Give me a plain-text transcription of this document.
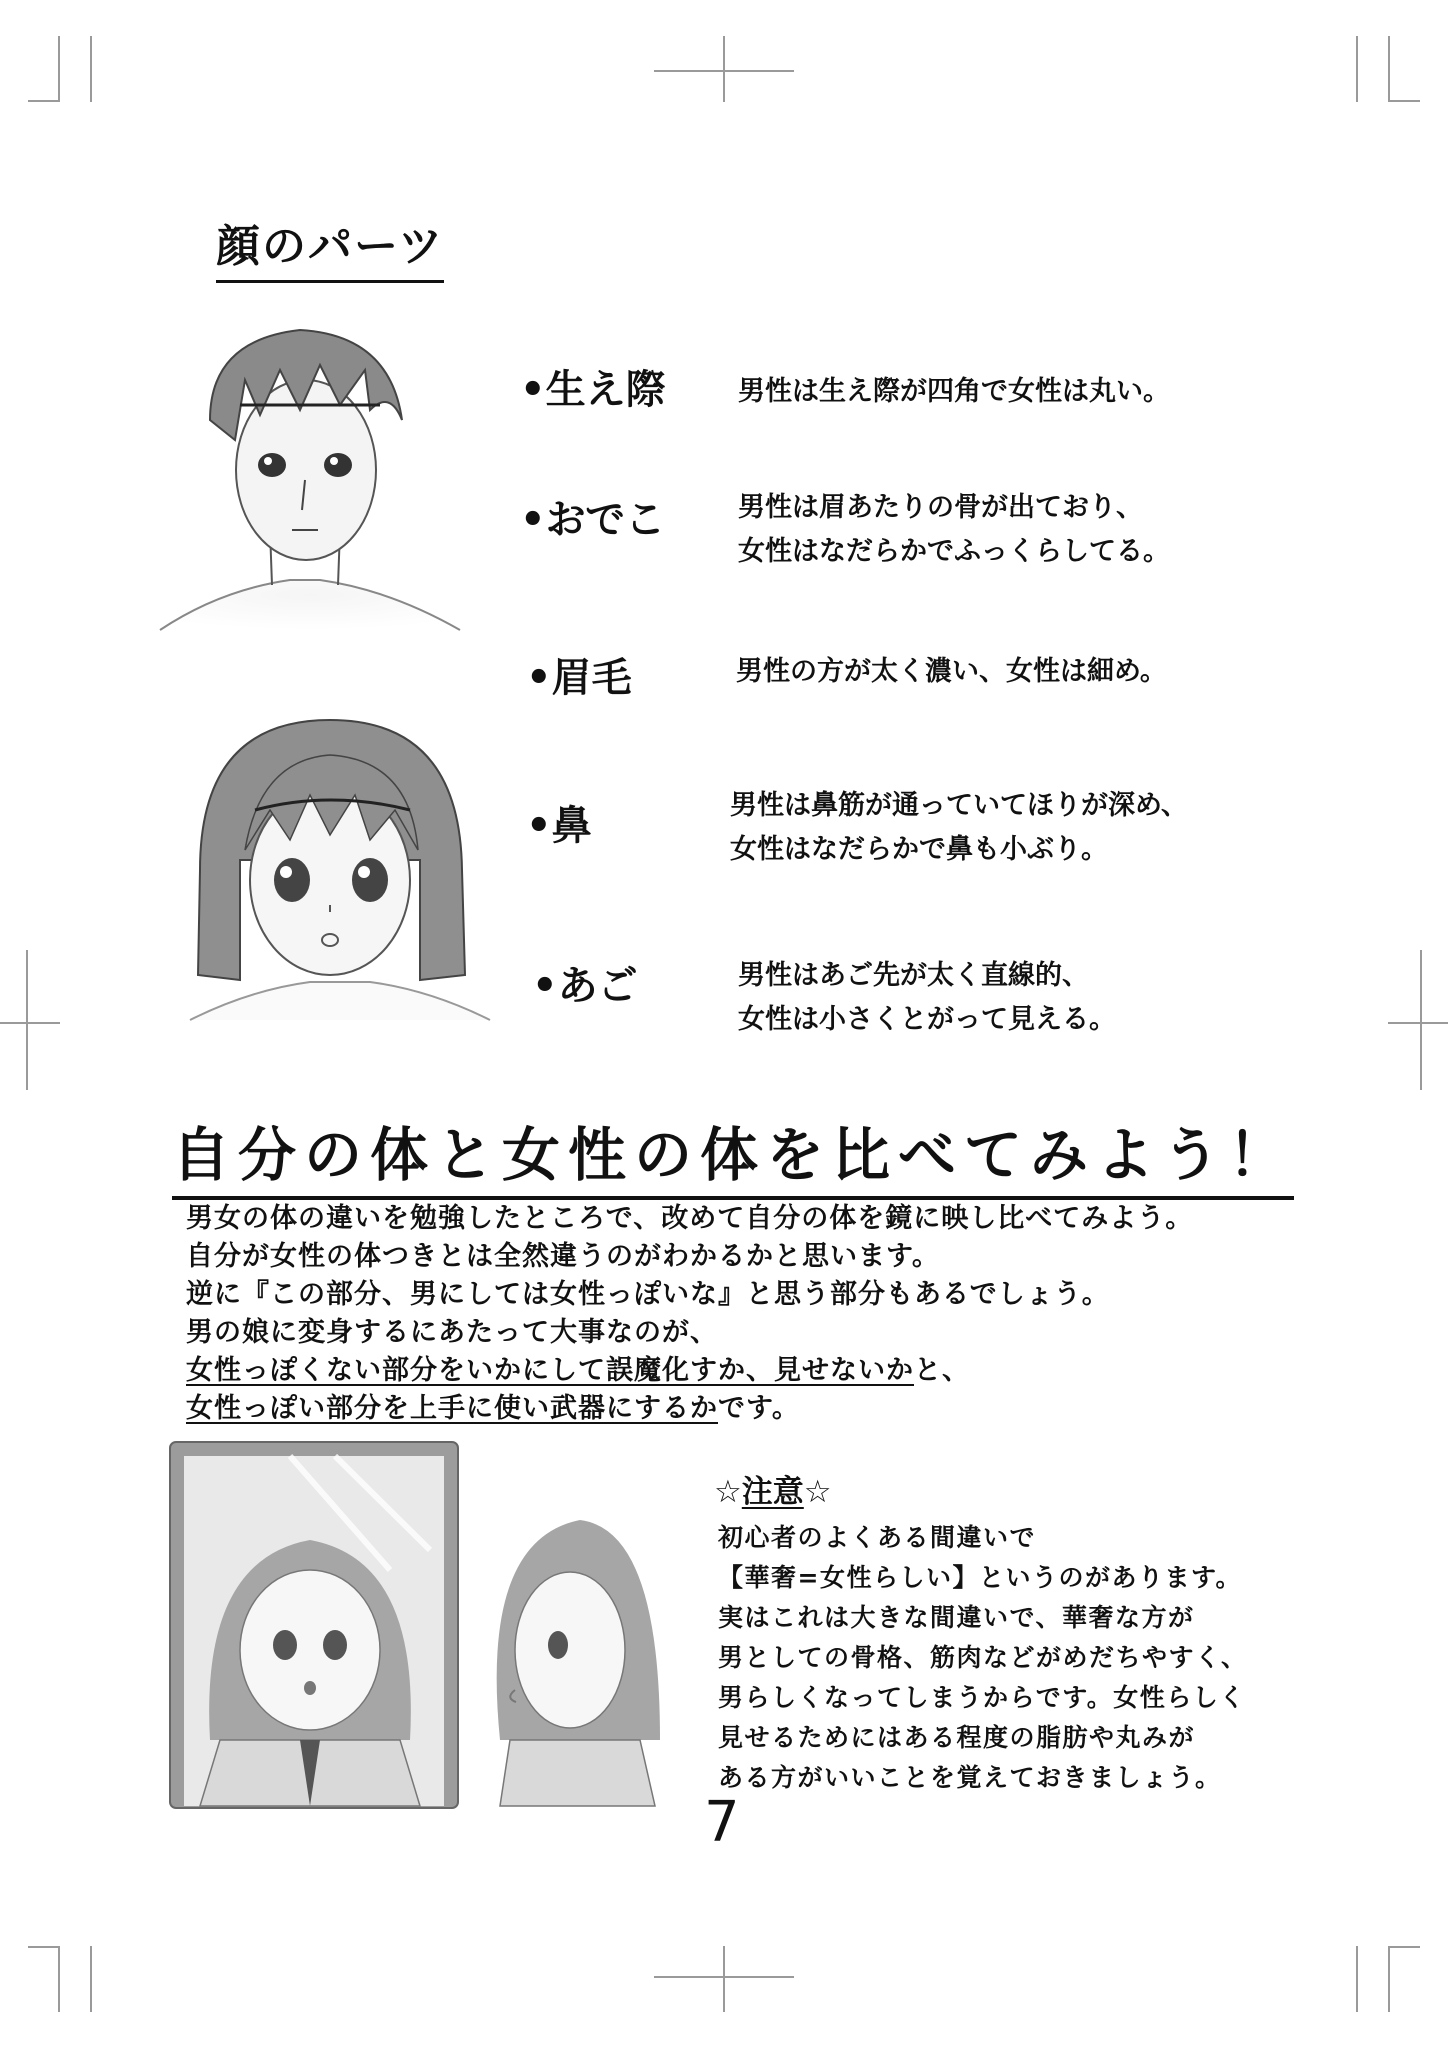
顔のパーツ
•生え際	男性は生え際が四角で女性は丸い。
•おでこ	男性は眉あたりの骨が出ており、
女性はなだらかでふっくらしてる。
•眉毛	男性の方が太く濃い、女性は細め。
•鼻	男性は鼻筋が通っていてほりが深め、
女性はなだらかで鼻も小ぶり。
•あご	男性はあご先が太く直線的、
女性は小さくとがって見える。
自分の体と女性の体を比べてみよう！
男女の体の違いを勉強したところで、改めて自分の体を鏡に映し比べてみよう。
自分が女性の体つきとは全然違うのがわかるかと思います。
逆に『この部分、男にしては女性っぽいな』と思う部分もあるでしょう。
男の娘に変身するにあたって大事なのが、
女性っぽくない部分をいかにして誤魔化すか、見せないかと、
女性っぽい部分を上手に使い武器にするかです。
☆注意☆
初心者のよくある間違いで
【華奢=女性らしい】というのがあります。
実はこれは大きな間違いで、華奢な方が
男としての骨格、筋肉などがめだちやすく、
男らしくなってしまうからです。女性らしく
見せるためにはある程度の脂肪や丸みが
ある方がいいことを覚えておきましょう。
7
